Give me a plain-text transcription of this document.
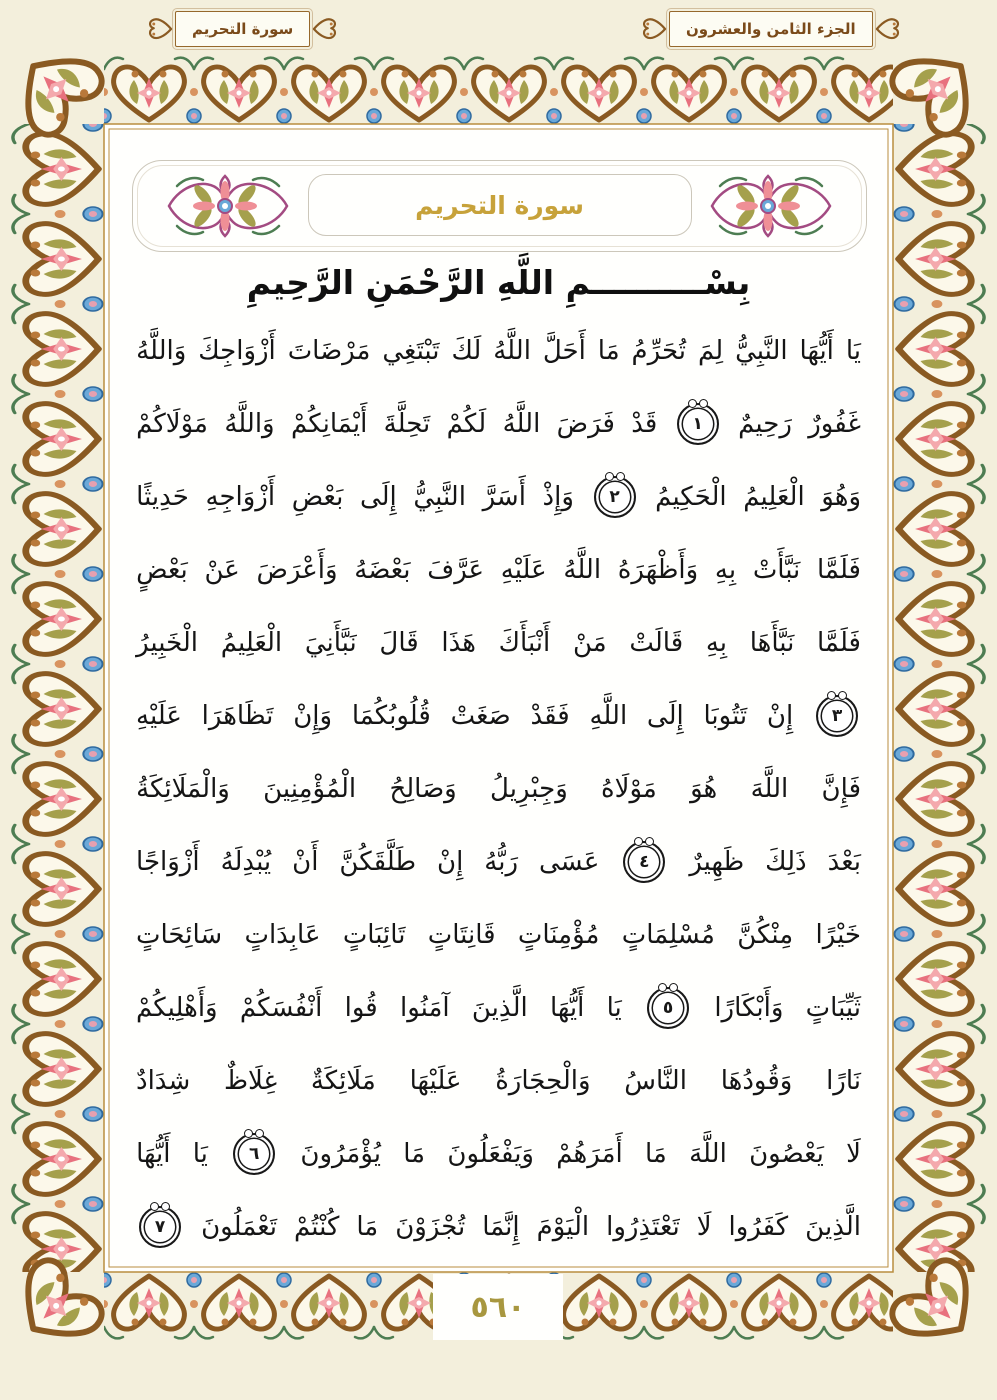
سورة التحريم	الجزء الثامن والعشرون
سورة التحريم
بِسْــــــــــمِ اللَّهِ الرَّحْمَنِ الرَّحِيمِ
يَا
أَيُّهَا
النَّبِيُّ
لِمَ
تُحَرِّمُ
مَا
أَحَلَّ
اللَّهُ
لَكَ
تَبْتَغِي
مَرْضَاتَ
أَزْوَاجِكَ
وَاللَّهُ
غَفُورٌ
رَحِيمٌ
١
قَدْ
فَرَضَ
اللَّهُ
لَكُمْ
تَحِلَّةَ
أَيْمَانِكُمْ
وَاللَّهُ
مَوْلَاكُمْ
وَهُوَ
الْعَلِيمُ
الْحَكِيمُ
٢
وَإِذْ
أَسَرَّ
النَّبِيُّ
إِلَى
بَعْضِ
أَزْوَاجِهِ
حَدِيثًا
فَلَمَّا
نَبَّأَتْ
بِهِ
وَأَظْهَرَهُ
اللَّهُ
عَلَيْهِ
عَرَّفَ
بَعْضَهُ
وَأَعْرَضَ
عَنْ
بَعْضٍ
فَلَمَّا
نَبَّأَهَا
بِهِ
قَالَتْ
مَنْ
أَنْبَأَكَ
هَذَا
قَالَ
نَبَّأَنِيَ
الْعَلِيمُ
الْخَبِيرُ
٣
إِنْ
تَتُوبَا
إِلَى
اللَّهِ
فَقَدْ
صَغَتْ
قُلُوبُكُمَا
وَإِنْ
تَظَاهَرَا
عَلَيْهِ
فَإِنَّ
اللَّهَ
هُوَ
مَوْلَاهُ
وَجِبْرِيلُ
وَصَالِحُ
الْمُؤْمِنِينَ
وَالْمَلَائِكَةُ
بَعْدَ
ذَلِكَ
ظَهِيرٌ
٤
عَسَى
رَبُّهُ
إِنْ
طَلَّقَكُنَّ
أَنْ
يُبْدِلَهُ
أَزْوَاجًا
خَيْرًا
مِنْكُنَّ
مُسْلِمَاتٍ
مُؤْمِنَاتٍ
قَانِتَاتٍ
تَائِبَاتٍ
عَابِدَاتٍ
سَائِحَاتٍ
ثَيِّبَاتٍ
وَأَبْكَارًا
٥
يَا
أَيُّهَا
الَّذِينَ
آمَنُوا
قُوا
أَنْفُسَكُمْ
وَأَهْلِيكُمْ
نَارًا
وَقُودُهَا
النَّاسُ
وَالْحِجَارَةُ
عَلَيْهَا
مَلَائِكَةٌ
غِلَاظٌ
شِدَادٌ
لَا
يَعْصُونَ
اللَّهَ
مَا
أَمَرَهُمْ
وَيَفْعَلُونَ
مَا
يُؤْمَرُونَ
٦
يَا
أَيُّهَا
الَّذِينَ
كَفَرُوا
لَا
تَعْتَذِرُوا
الْيَوْمَ
إِنَّمَا
تُجْزَوْنَ
مَا
كُنْتُمْ
تَعْمَلُونَ
٧
٥٦٠
